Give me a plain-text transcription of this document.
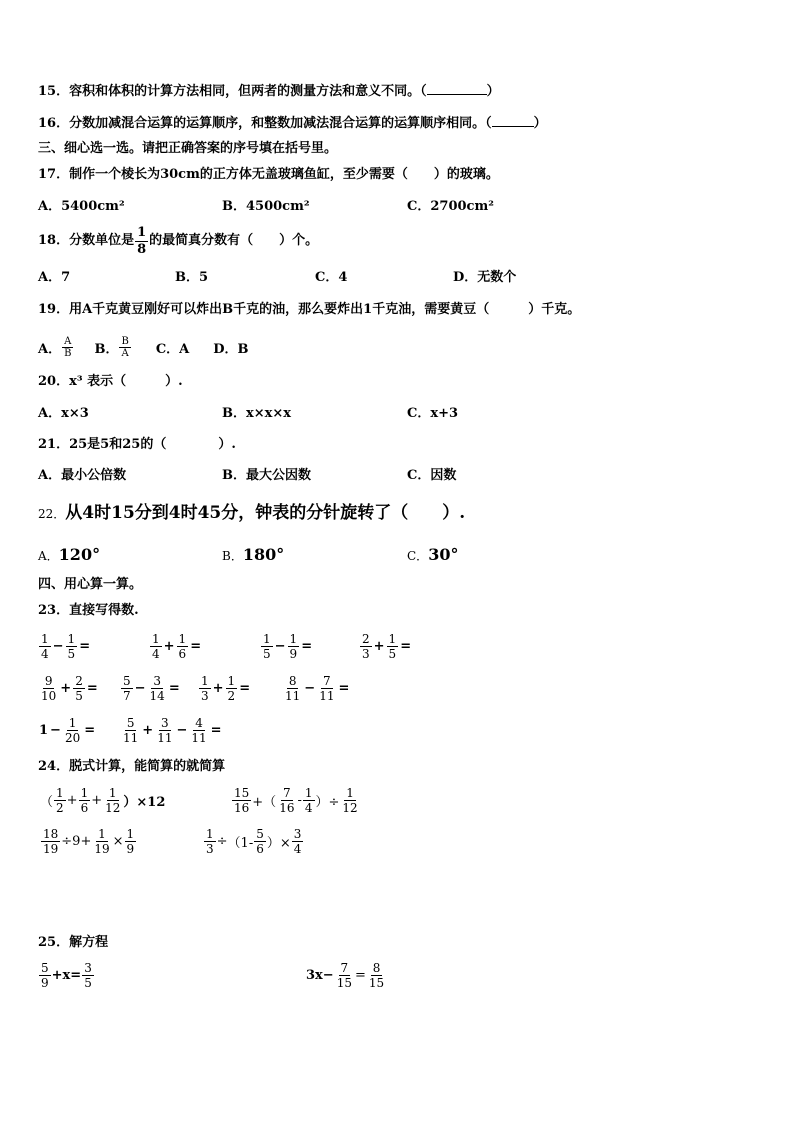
15．容积和体积的计算方法相同，但两者的测量方法和意义不同。（	）
16．分数加减混合运算的运算顺序，和整数加减法混合运算的运算顺序相同。（	）
三、细心选一选。请把正确答案的序号填在括号里。
17．制作一个棱长为30cm的正方体无盖玻璃鱼缸，至少需要（　　）的玻璃。
A．5400cm²	B．4500cm²	C．2700cm²
18． 分数单位是 $\frac{1}{8}$ 的最简真分数有（　　）个。
A．7	B．5	C．4	D．无数个
19．用A千克黄豆刚好可以炸出B千克的油，那么要炸出1千克油，需要黄豆（　　　）千克。
A． $\frac{A}{B}$ B． $\frac{B}{A}$ C．A D．B
20．x³ 表示（　　　）.
A．x×3	B．x×x×x	C．x+3
21．25是5和25的（　　　　）.
A．最小公倍数	B．最大公因数	C．因数
22．从4时15分到4时45分，钟表的分针旋转了（　　）.
A．120°	B．180°	C．30°
四、用心算一算。
23．直接写得数.
$\frac{1}{4} - \frac{1}{5}$ =	$\frac{1}{4} + \frac{1}{6}$ =	$\frac{1}{5} - \frac{1}{9}$ =	$\frac{2}{3} + \frac{1}{5}$ =
$\frac{9}{10} + \frac{2}{5} = \frac{5}{7} - \frac{3}{14} = \frac{1}{3} + \frac{1}{2}$ =	$\frac{8}{11} - \frac{7}{11}$ =
$1 - \frac{1}{20} = \frac{5}{11} + \frac{3}{11} - \frac{4}{11}$ =
24．脱式计算，能简算的就简算
（ $\frac{1}{2} + \frac{1}{6} + \frac{1}{12} )\times 12$	$\frac{15}{16}$ +（ $\frac{7}{16} - \frac{1}{4}$ ）÷ $\frac{1}{12}$
$\frac{18}{19} \div 9+ \frac{1}{19} \times \frac{1}{9}$	$\frac{1}{3} \div (1- \frac{5}{6}$ ）× $\frac{3}{4}$
25．解方程
$\frac{5}{9} +x= \frac{3}{5}$	$3x- \frac{7}{15} = \frac{8}{15}$
